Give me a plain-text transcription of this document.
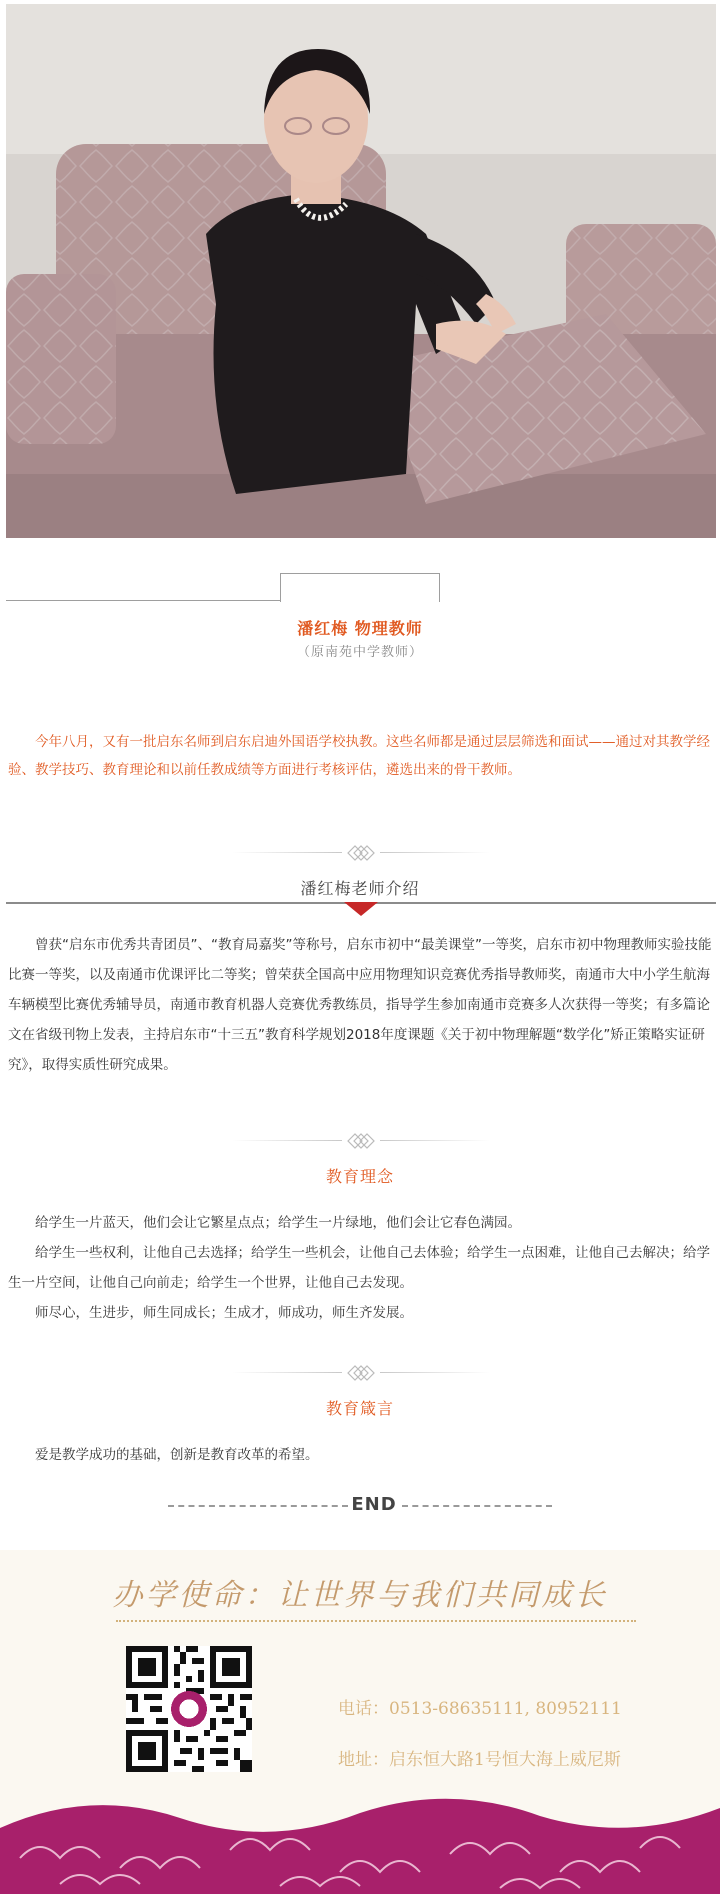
潘红梅 物理教师
（原南苑中学教师）
今年八月，又有一批启东名师到启东启迪外国语学校执教。这些名师都是通过层层筛选和面试——通过对其教学经验、教学技巧、教育理论和以前任教成绩等方面进行考核评估，遴选出来的骨干教师。
潘红梅老师介绍
曾获“启东市优秀共青团员”、“教育局嘉奖”等称号，启东市初中“最美课堂”一等奖，启东市初中物理教师实验技能比赛一等奖，以及南通市优课评比二等奖；曾荣获全国高中应用物理知识竞赛优秀指导教师奖，南通市大中小学生航海车辆模型比赛优秀辅导员，南通市教育机器人竞赛优秀教练员，指导学生参加南通市竞赛多人次获得一等奖；有多篇论文在省级刊物上发表，主持启东市“十三五”教育科学规划2018年度课题《关于初中物理解题“数学化”矫正策略实证研究》，取得实质性研究成果。
教育理念

给学生一片蓝天，他们会让它繁星点点；给学生一片绿地，他们会让它春色满园。

给学生一些权利，让他自己去选择；给学生一些机会，让他自己去体验；给学生一点困难，让他自己去解决；给学生一片空间，让他自己向前走；给学生一个世界，让他自己去发现。

师尽心，生进步，师生同成长；生成才，师成功，师生齐发展。

教育箴言

爱是教学成功的基础，创新是教育改革的希望。

END
办学使命：让世界与我们共同成长
电话：0513-68635111, 80952111
地址：启东恒大路1号恒大海上威尼斯
